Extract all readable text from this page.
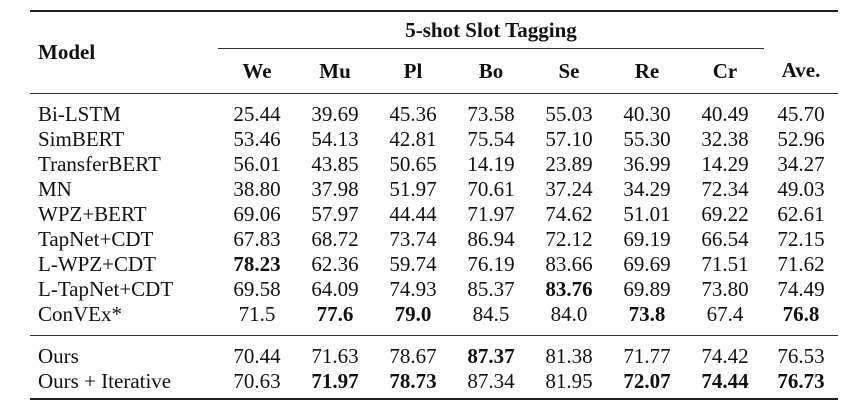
Model	5-shot Slot Tagging							
	We	Mu	Pl	Bo	Se	Re	Cr	Ave.

Bi-LSTM	25.44	39.69	45.36	73.58	55.03	40.30	40.49	45.70
SimBERT	53.46	54.13	42.81	75.54	57.10	55.30	32.38	52.96
TransferBERT	56.01	43.85	50.65	14.19	23.89	36.99	14.29	34.27
MN	38.80	37.98	51.97	70.61	37.24	34.29	72.34	49.03
WPZ+BERT	69.06	57.97	44.44	71.97	74.62	51.01	69.22	62.61
TapNet+CDT	67.83	68.72	73.74	86.94	72.12	69.19	66.54	72.15
L-WPZ+CDT	78.23	62.36	59.74	76.19	83.66	69.69	71.51	71.62
L-TapNet+CDT	69.58	64.09	74.93	85.37	83.76	69.89	73.80	74.49
ConVEx*	71.5	77.6	79.0	84.5	84.0	73.8	67.4	76.8

Ours	70.44	71.63	78.67	87.37	81.38	71.77	74.42	76.53
Ours + Iterative	70.63	71.97	78.73	87.34	81.95	72.07	74.44	76.73
